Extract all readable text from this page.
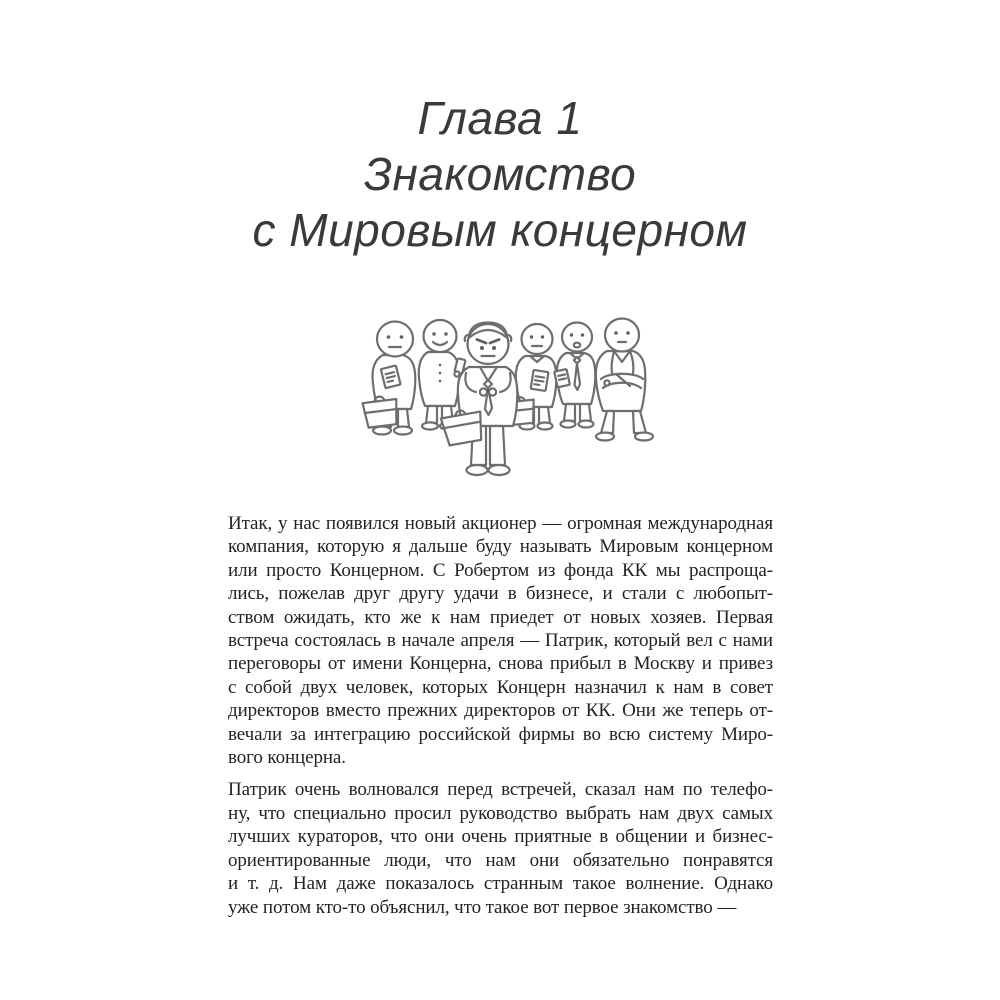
Глава 1
Знакомство
с Мировым концерном
Итак, у нас появился новый акционер — огромная международная
компания, которую я дальше буду называть Мировым концерном
или просто Концерном. С Робертом из фонда КК мы распроща-
лись, пожелав друг другу удачи в бизнесе, и стали с любопыт-
ством ожидать, кто же к нам приедет от новых хозяев. Первая
встреча состоялась в начале апреля — Патрик, который вел с нами
переговоры от имени Концерна, снова прибыл в Москву и привез
с собой двух человек, которых Концерн назначил к нам в совет
директоров вместо прежних директоров от КК. Они же теперь от-
вечали за интеграцию российской фирмы во всю систему Миро-
вого концерна.
Патрик очень волновался перед встречей, сказал нам по телефо-
ну, что специально просил руководство выбрать нам двух самых
лучших кураторов, что они очень приятные в общении и бизнес-
ориентированные люди, что нам они обязательно понравятся
и т. д. Нам даже показалось странным такое волнение. Однако
уже потом кто-то объяснил, что такое вот первое знакомство —
